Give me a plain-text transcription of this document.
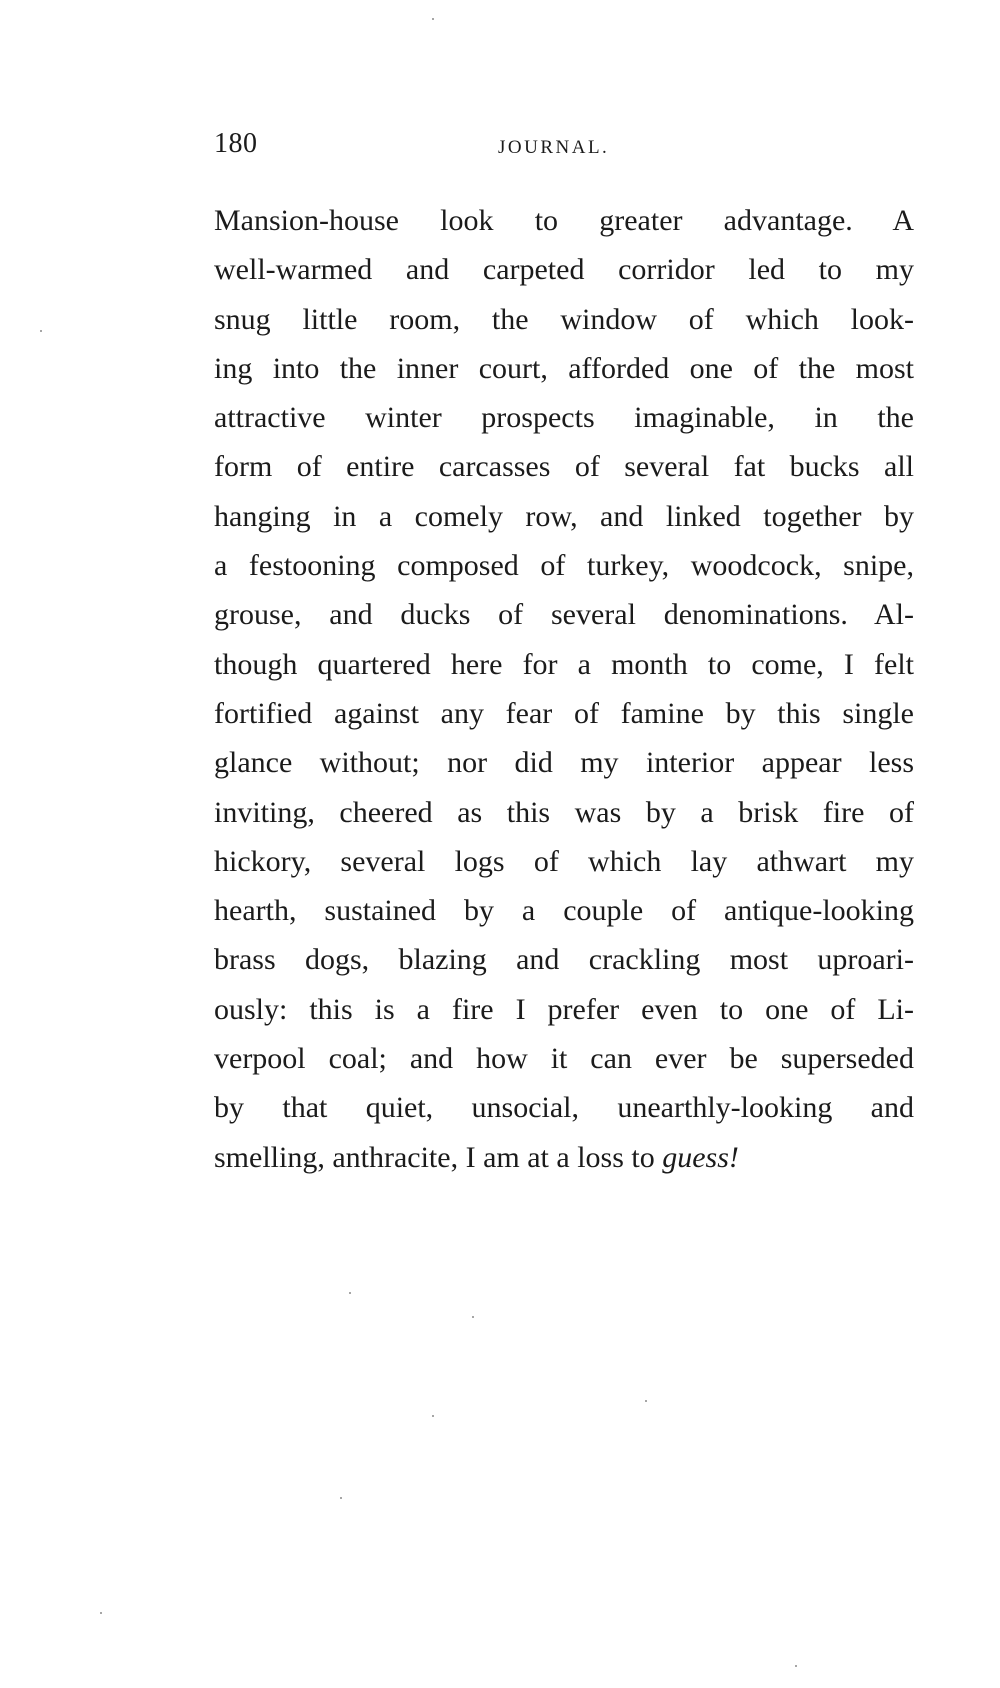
180	JOURNAL.
Mansion-house look to greater advantage. A
well-warmed and carpeted corridor led to my
snug little room, the window of which look-
ing into the inner court, afforded one of the most
attractive winter prospects imaginable, in the
form of entire carcasses of several fat bucks all
hanging in a comely row, and linked together by
a festooning composed of turkey, woodcock, snipe,
grouse, and ducks of several denominations. Al-
though quartered here for a month to come, I felt
fortified against any fear of famine by this single
glance without; nor did my interior appear less
inviting, cheered as this was by a brisk fire of
hickory, several logs of which lay athwart my
hearth, sustained by a couple of antique-looking
brass dogs, blazing and crackling most uproari-
ously: this is a fire I prefer even to one of Li-
verpool coal; and how it can ever be superseded
by that quiet, unsocial, unearthly-looking and
smelling, anthracite, I am at a loss to guess!
